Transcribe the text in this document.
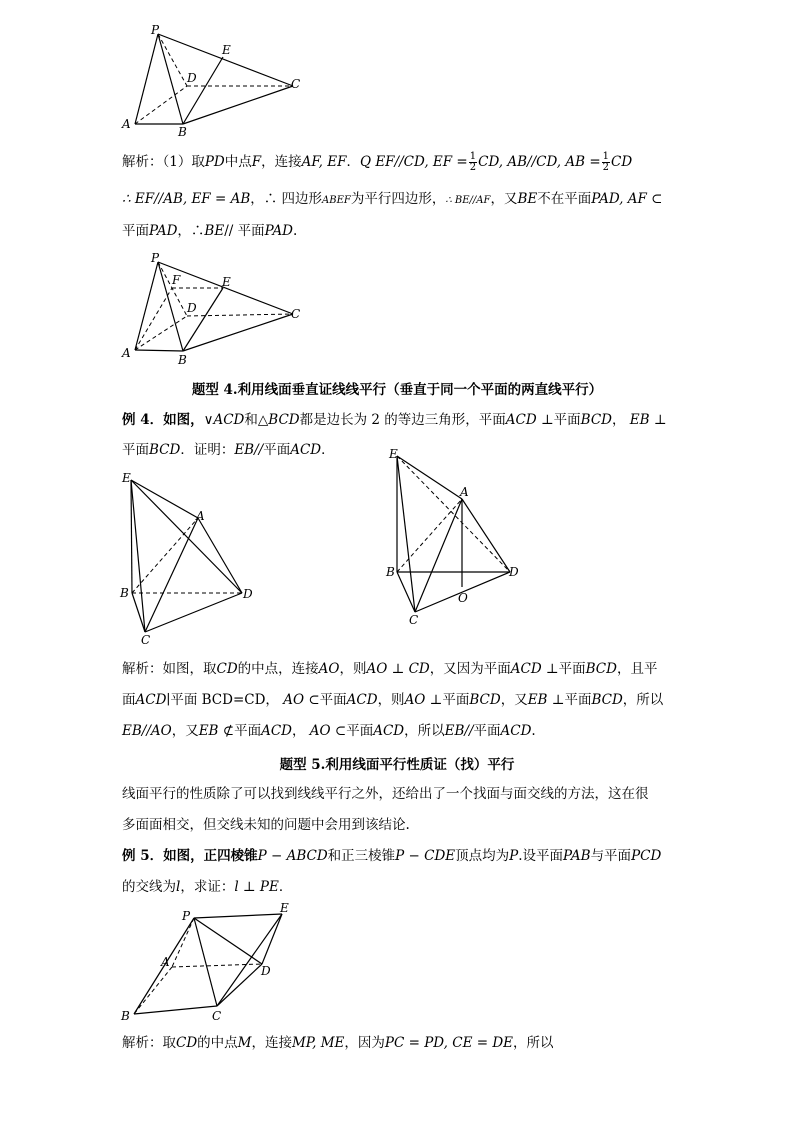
P
E
D	C
A
B
解析：（1）取PD中点F，连接AF, EF．Q EF//CD, EF = $\frac{1}{2}$ CD, AB//CD, AB = $\frac{1}{2}$ CD
∴ EF//AB, EF = AB，∴ 四边形ABEF为平行四边形，∴ BE//AF，又BE不在平面PAD, AF ⊂
平面PAD，∴BE// 平面PAD.
P
F	E
D	C
A	B
题型 4.利用线面垂直证线线平行（垂直于同一个平面的两直线平行）
例 4．如图，∨ACD和△BCD都是边长为 2 的等边三角形，平面ACD ⊥平面BCD， EB ⊥
平面BCD．证明：EB//平面ACD．
E
A
B	D
C
E
A
B	D
O
C
解析：如图，取CD的中点，连接AO，则AO ⊥ CD，又因为平面ACD ⊥平面BCD，且平
面ACD∣平面 BCD=CD， AO ⊂平面ACD，则AO ⊥平面BCD，又EB ⊥平面BCD，所以
EB//AO，又EB ⊄平面ACD， AO ⊂平面ACD，所以EB//平面ACD.
题型 5.利用线面平行性质证（找）平行
线面平行的性质除了可以找到线线平行之外，还给出了一个找面与面交线的方法，这在很
多面面相交，但交线未知的问题中会用到该结论.
例 5．如图，正四棱锥P − ABCD和正三棱锥P − CDE顶点均为P.设平面PAB与平面PCD
的交线为l，求证：l ⊥ PE．
P
E
A
D
B	C
解析：取CD的中点M，连接MP, ME，因为PC = PD, CE = DE，所以
